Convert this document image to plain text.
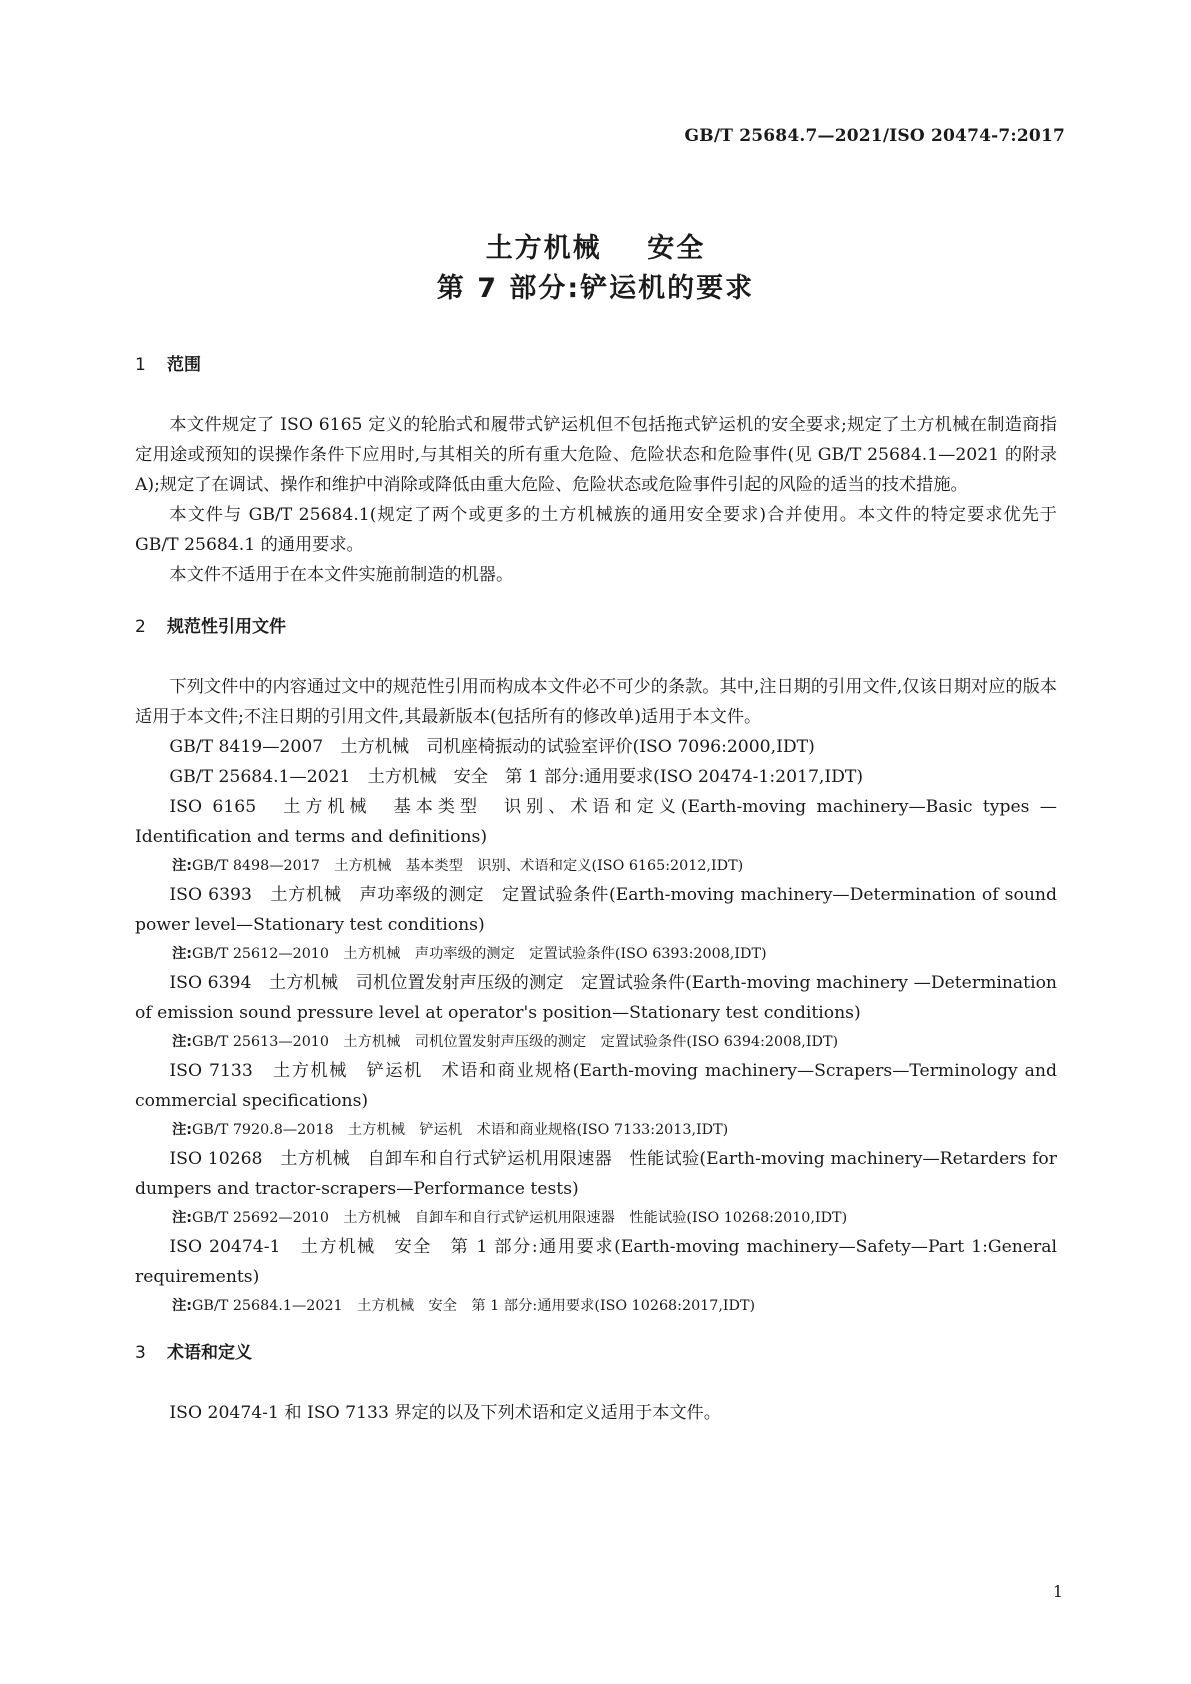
GB/T 25684.7—2021/ISO 20474-7:2017
土方机械    安全
第 7 部分:铲运机的要求
1 范围

本文件规定了 ISO 6165 定义的轮胎式和履带式铲运机但不包括拖式铲运机的安全要求;规定了土方机械在制造商指定用途或预知的误操作条件下应用时,与其相关的所有重大危险、危险状态和危险事件(见 GB/T 25684.1—2021 的附录 A);规定了在调试、操作和维护中消除或降低由重大危险、危险状态或危险事件引起的风险的适当的技术措施。

本文件与 GB/T 25684.1(规定了两个或更多的土方机械族的通用安全要求)合并使用。本文件的特定要求优先于 GB/T 25684.1 的通用要求。

本文件不适用于在本文件实施前制造的机器。

2 规范性引用文件

下列文件中的内容通过文中的规范性引用而构成本文件必不可少的条款。其中,注日期的引用文件,仅该日期对应的版本适用于本文件;不注日期的引用文件,其最新版本(包括所有的修改单)适用于本文件。

GB/T 8419—2007　土方机械　司机座椅振动的试验室评价(ISO 7096:2000,IDT)

GB/T 25684.1—2021　土方机械　安全　第 1 部分:通用要求(ISO 20474-1:2017,IDT)

ISO 6165　土方机械　基本类型　识别、术语和定义(Earth-moving machinery—Basic types — Identification and terms and definitions)

注:GB/T 8498—2017　土方机械　基本类型　识别、术语和定义(ISO 6165:2012,IDT)

ISO 6393　土方机械　声功率级的测定　定置试验条件(Earth-moving machinery—Determination of sound power level—Stationary test conditions)

注:GB/T 25612—2010　土方机械　声功率级的测定　定置试验条件(ISO 6393:2008,IDT)

ISO 6394　土方机械　司机位置发射声压级的测定　定置试验条件(Earth-moving machinery —Determination of emission sound pressure level at operator's position—Stationary test conditions)

注:GB/T 25613—2010　土方机械　司机位置发射声压级的测定　定置试验条件(ISO 6394:2008,IDT)

ISO 7133　土方机械　铲运机　术语和商业规格(Earth-moving machinery—Scrapers—Terminology and commercial specifications)

注:GB/T 7920.8—2018　土方机械　铲运机　术语和商业规格(ISO 7133:2013,IDT)

ISO 10268　土方机械　自卸车和自行式铲运机用限速器　性能试验(Earth-moving machinery—Retarders for dumpers and tractor-scrapers—Performance tests)

注:GB/T 25692—2010　土方机械　自卸车和自行式铲运机用限速器　性能试验(ISO 10268:2010,IDT)

ISO 20474-1　土方机械　安全　第 1 部分:通用要求(Earth-moving machinery—Safety—Part 1:General requirements)

注:GB/T 25684.1—2021　土方机械　安全　第 1 部分:通用要求(ISO 10268:2017,IDT)

3 术语和定义

ISO 20474-1 和 ISO 7133 界定的以及下列术语和定义适用于本文件。

1
